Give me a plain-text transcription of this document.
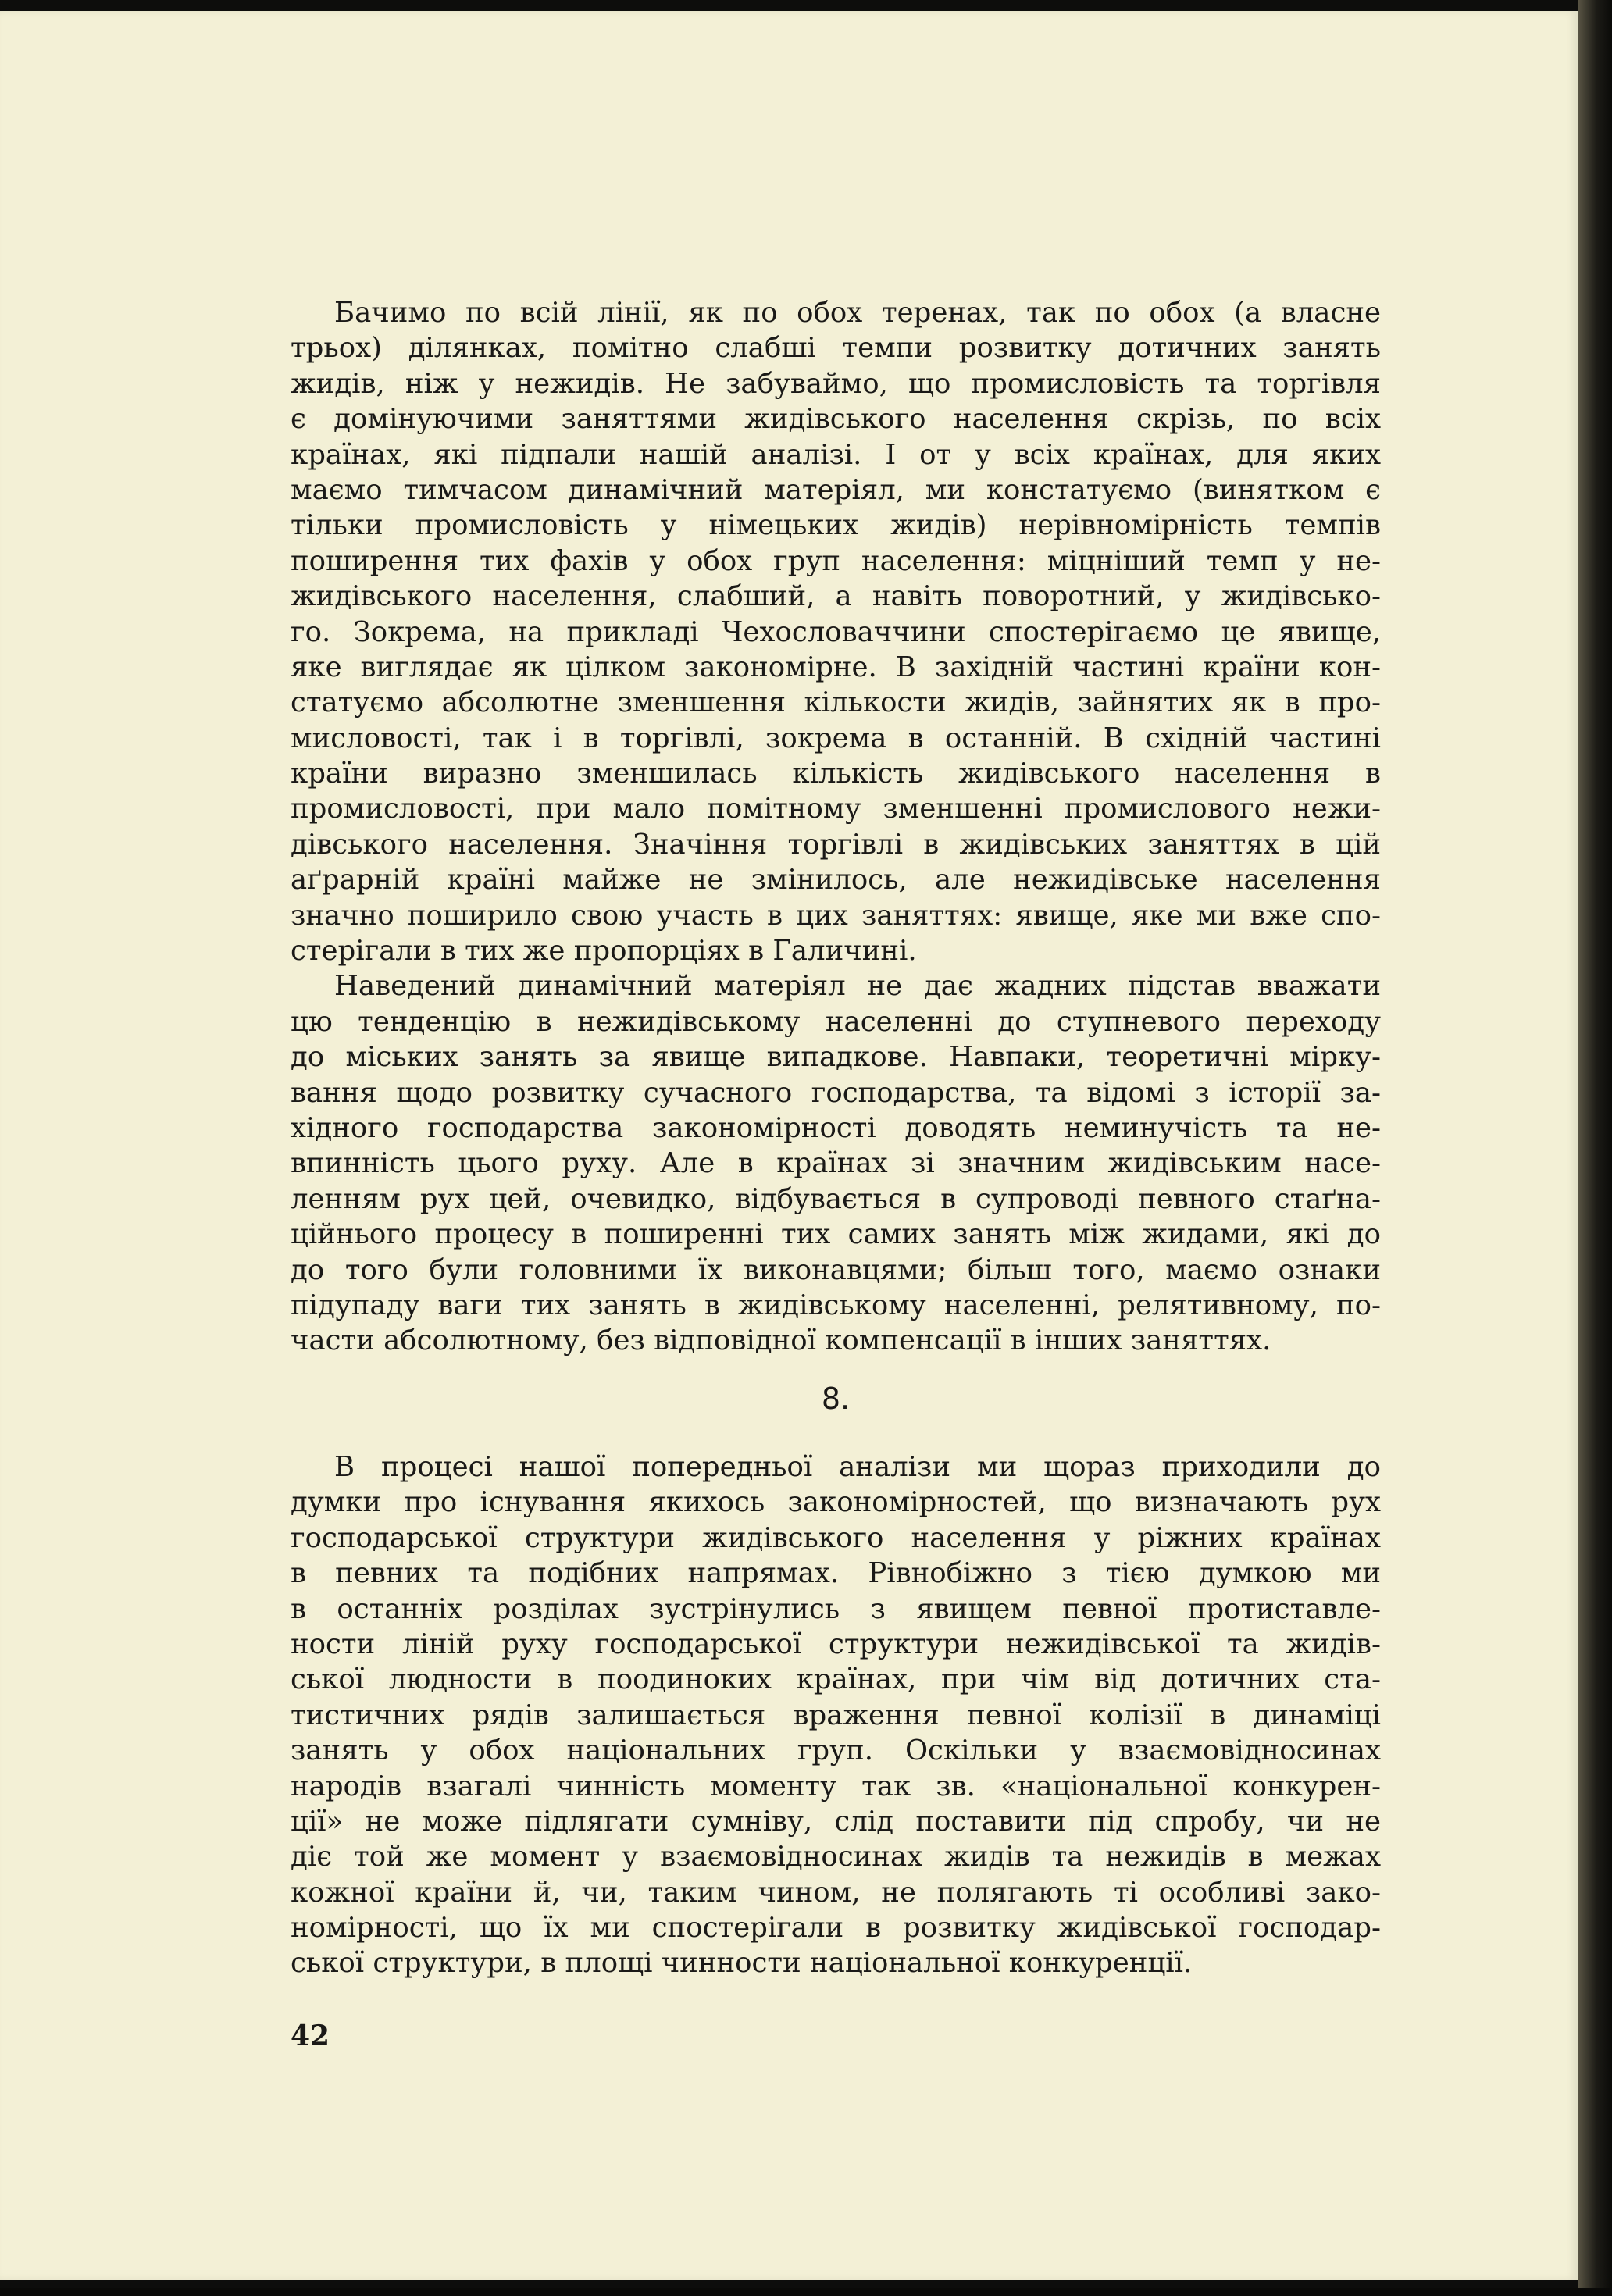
Бачимо по всій лінії, як по обох теренах, так по обох (а власне
трьох) ділянках, помітно слабші темпи розвитку дотичних занять
жидів, ніж у нежидів. Не забуваймо, що промисловість та торгівля
є домінуючими заняттями жидівського населення скрізь, по всіх
країнах, які підпали нашій аналізі. І от у всіх країнах, для яких
маємо тимчасом динамічний матеріял, ми констатуємо (винятком є
тільки промисловість у німецьких жидів) нерівномірність темпів
поширення тих фахів у обох груп населення: міцніший темп у не-
жидівського населення, слабший, а навіть поворотний, у жидівсько-
го. Зокрема, на прикладі Чехословаччини спостерігаємо це явище,
яке виглядає як цілком закономірне. В західній частині країни кон-
статуємо абсолютне зменшення кількости жидів, зайнятих як в про-
мисловості, так і в торгівлі, зокрема в останній. В східній частині
країни виразно зменшилась кількість жидівського населення в
промисловості, при мало помітному зменшенні промислового нежи-
дівського населення. Значіння торгівлі в жидівських заняттях в цій
аґрарній країні майже не змінилось, але нежидівське населення
значно поширило свою участь в цих заняттях: явище, яке ми вже спо-
стерігали в тих же пропорціях в Галичині.
Наведений динамічний матеріял не дає жадних підстав вважати
цю тенденцію в нежидівському населенні до ступневого переходу
до міських занять за явище випадкове. Навпаки, теоретичні мірку-
вання щодо розвитку сучасного господарства, та відомі з історії за-
хідного господарства закономірності доводять неминучість та не-
впинність цього руху. Але в країнах зі значним жидівським насе-
ленням рух цей, очевидко, відбувається в супроводі певного стаґна-
ційнього процесу в поширенні тих самих занять між жидами, які до
до того були головними їх виконавцями; більш того, маємо ознаки
підупаду ваги тих занять в жидівському населенні, релятивному, по-
части абсолютному, без відповідної компенсації в інших заняттях.
8.
В процесі нашої попередньої аналізи ми щораз приходили до
думки про існування якихось закономірностей, що визначають рух
господарської структури жидівського населення у ріжних країнах
в певних та подібних напрямах. Рівнобіжно з тією думкою ми
в останніх розділах зустрінулись з явищем певної протиставле-
ности ліній руху господарської структури нежидівської та жидів-
ської людности в поодиноких країнах, при чім від дотичних ста-
тистичних рядів залишається враження певної колізії в динаміці
занять у обох національних груп. Оскільки у взаємовідносинах
народів взагалі чинність моменту так зв. «національної конкурен-
ції» не може підлягати сумніву, слід поставити під спробу, чи не
діє той же момент у взаємовідносинах жидів та нежидів в межах
кожної країни й, чи, таким чином, не полягають ті особливі зако-
номірності, що їх ми спостерігали в розвитку жидівської господар-
ської структури, в площі чинности національної конкуренції.
42
